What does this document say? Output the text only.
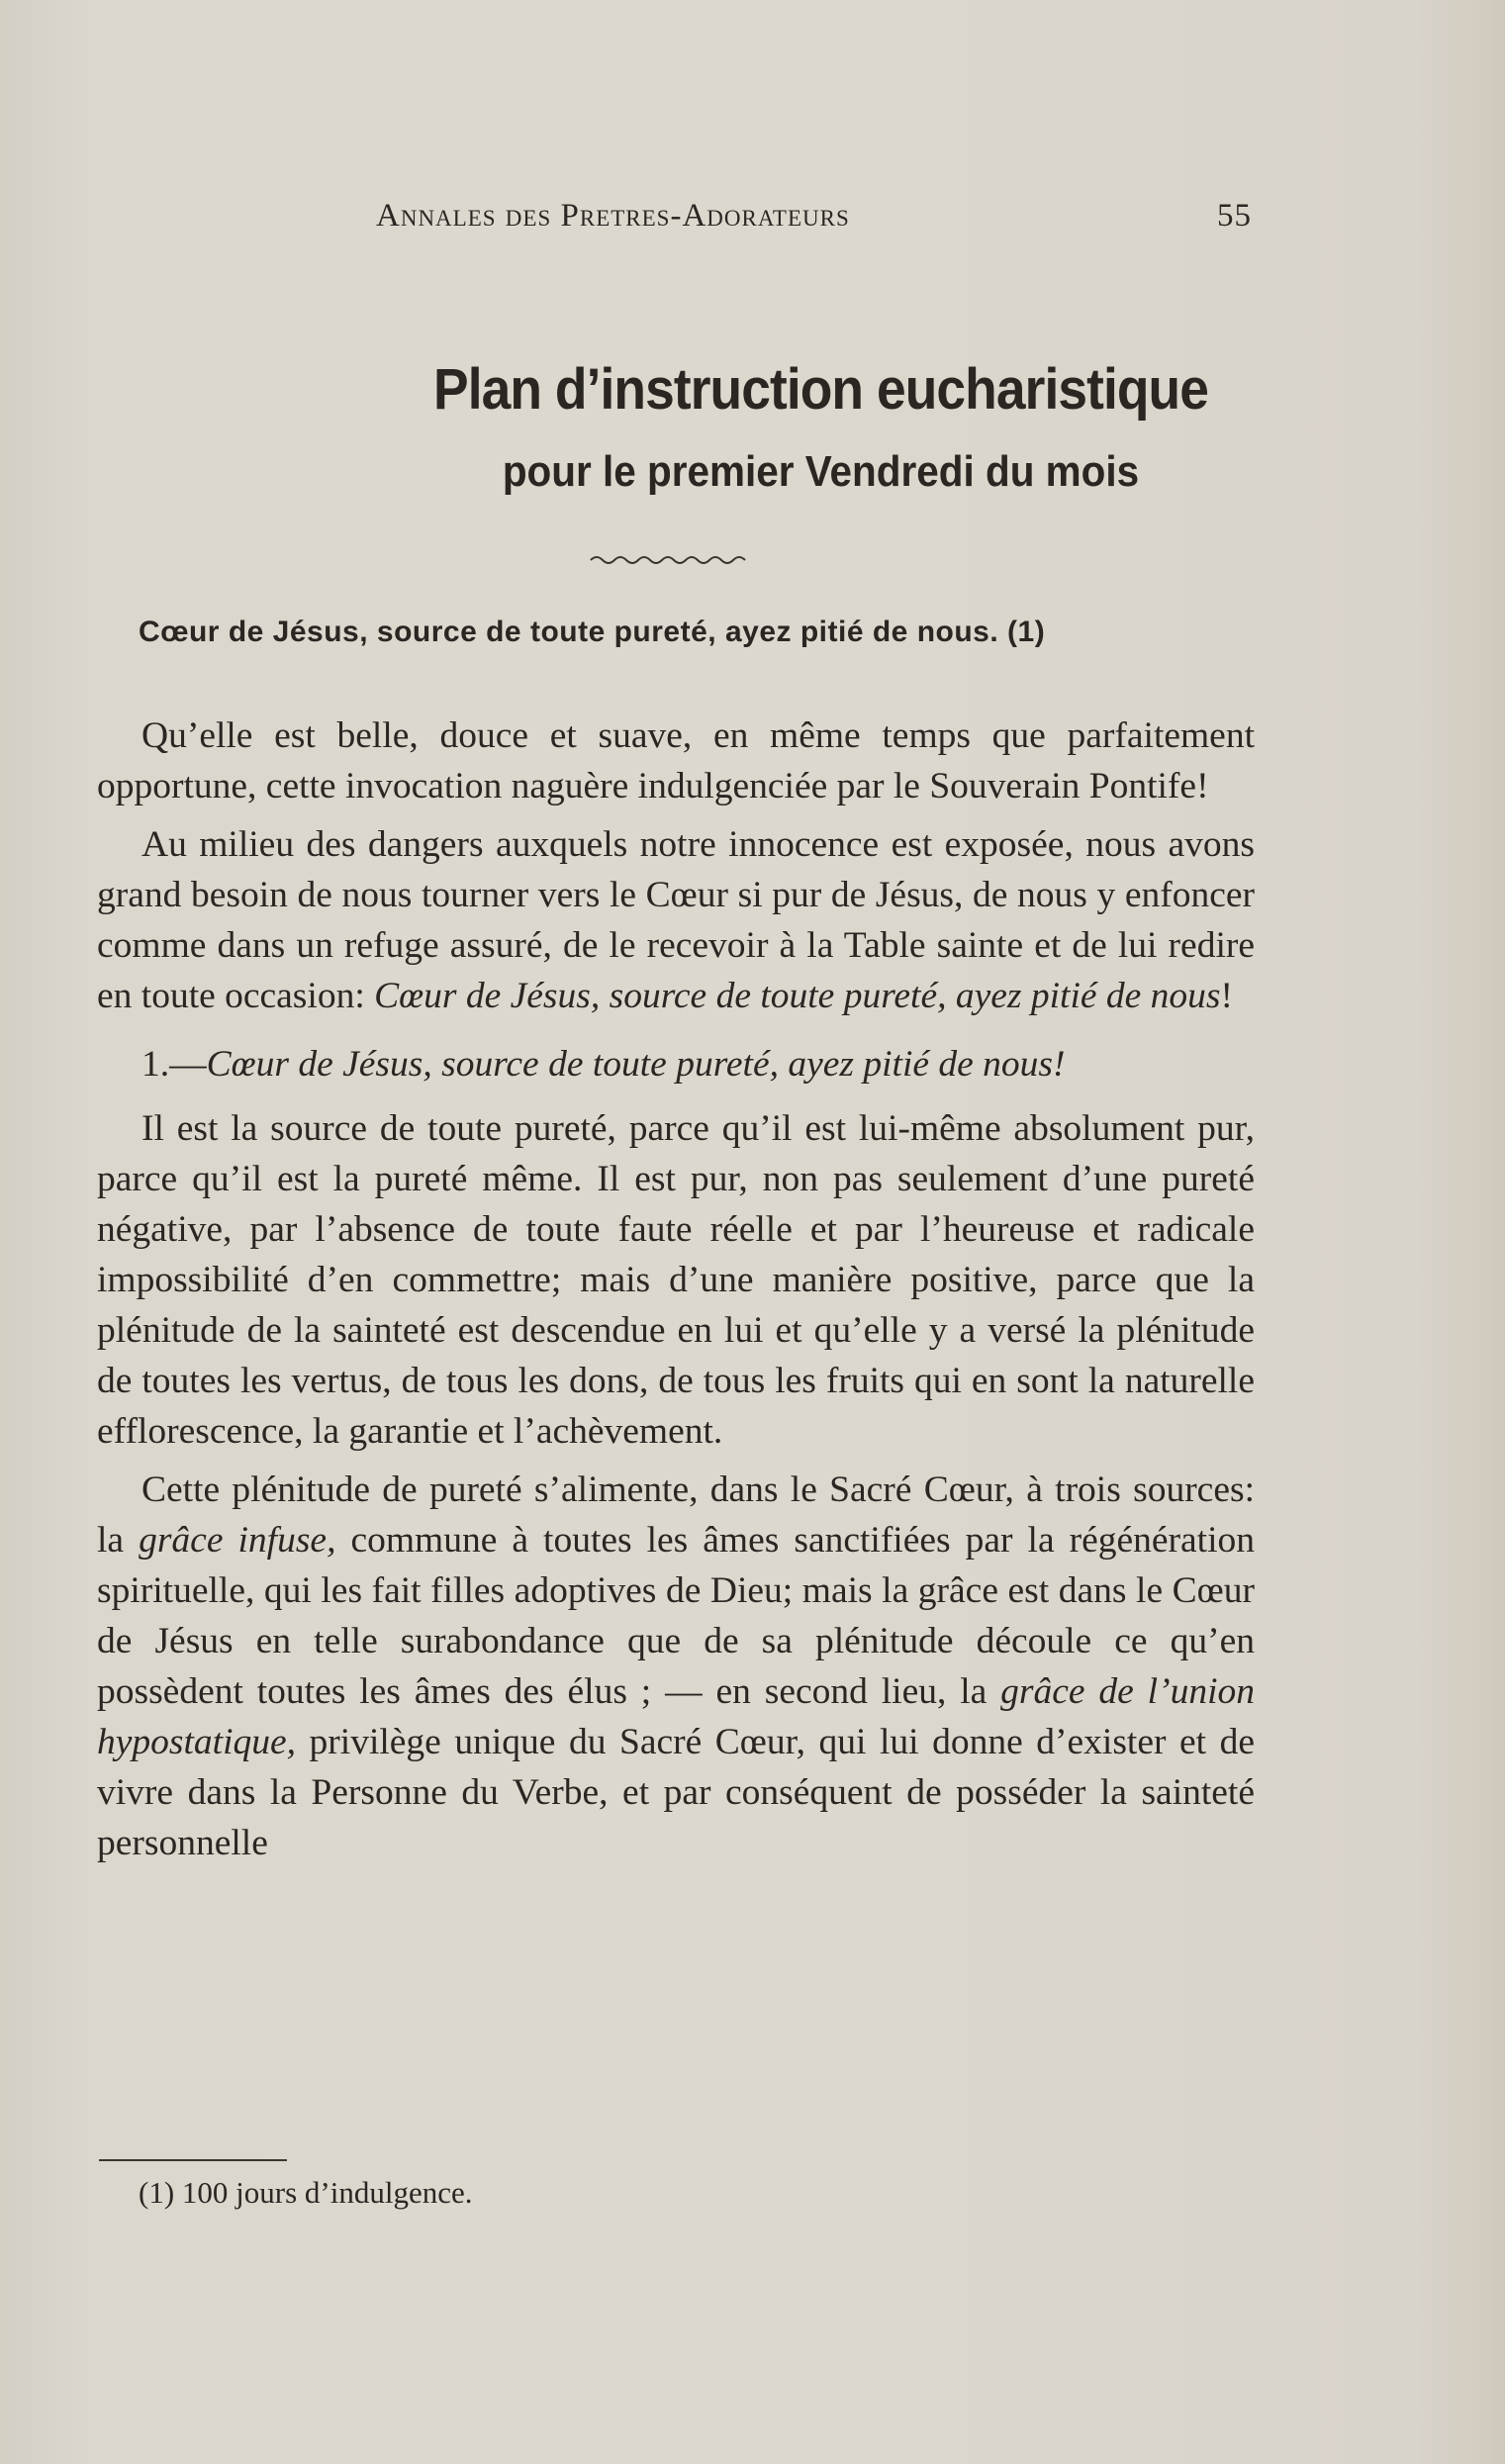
Annales des Pretres-Adorateurs	55
Plan d’instruction eucharistique
pour le premier Vendredi du mois
Cœur de Jésus, source de toute pureté, ayez pitié de nous. (1)

Qu’elle est belle, douce et suave, en même temps que parfaitement opportune, cette invocation naguère indulgenciée par le Souverain Pontife!

Au milieu des dangers auxquels notre innocence est exposée, nous avons grand besoin de nous tourner vers le Cœur si pur de Jésus, de nous y enfoncer comme dans un refuge assuré, de le recevoir à la Table sainte et de lui redire en toute occasion: Cœur de Jésus, source de toute pureté, ayez pitié de nous!

1.—Cœur de Jésus, source de toute pureté, ayez pitié de nous!

Il est la source de toute pureté, parce qu’il est lui-même absolument pur, parce qu’il est la pureté même. Il est pur, non pas seulement d’une pureté négative, par l’absence de toute faute réelle et par l’heureuse et radicale impossibilité d’en commettre; mais d’une manière positive, parce que la plénitude de la sainteté est descendue en lui et qu’elle y a versé la plénitude de toutes les vertus, de tous les dons, de tous les fruits qui en sont la naturelle efflorescence, la garantie et l’achèvement.

Cette plénitude de pureté s’alimente, dans le Sacré Cœur, à trois sources: la grâce infuse, commune à toutes les âmes sanctifiées par la régénération spirituelle, qui les fait filles adoptives de Dieu; mais la grâce est dans le Cœur de Jésus en telle surabondance que de sa plénitude découle ce qu’en possèdent toutes les âmes des élus ; — en second lieu, la grâce de l’union hypostatique, privilège unique du Sacré Cœur, qui lui donne d’exister et de vivre dans la Personne du Verbe, et par conséquent de posséder la sainteté personnelle

(1) 100 jours d’indulgence.
